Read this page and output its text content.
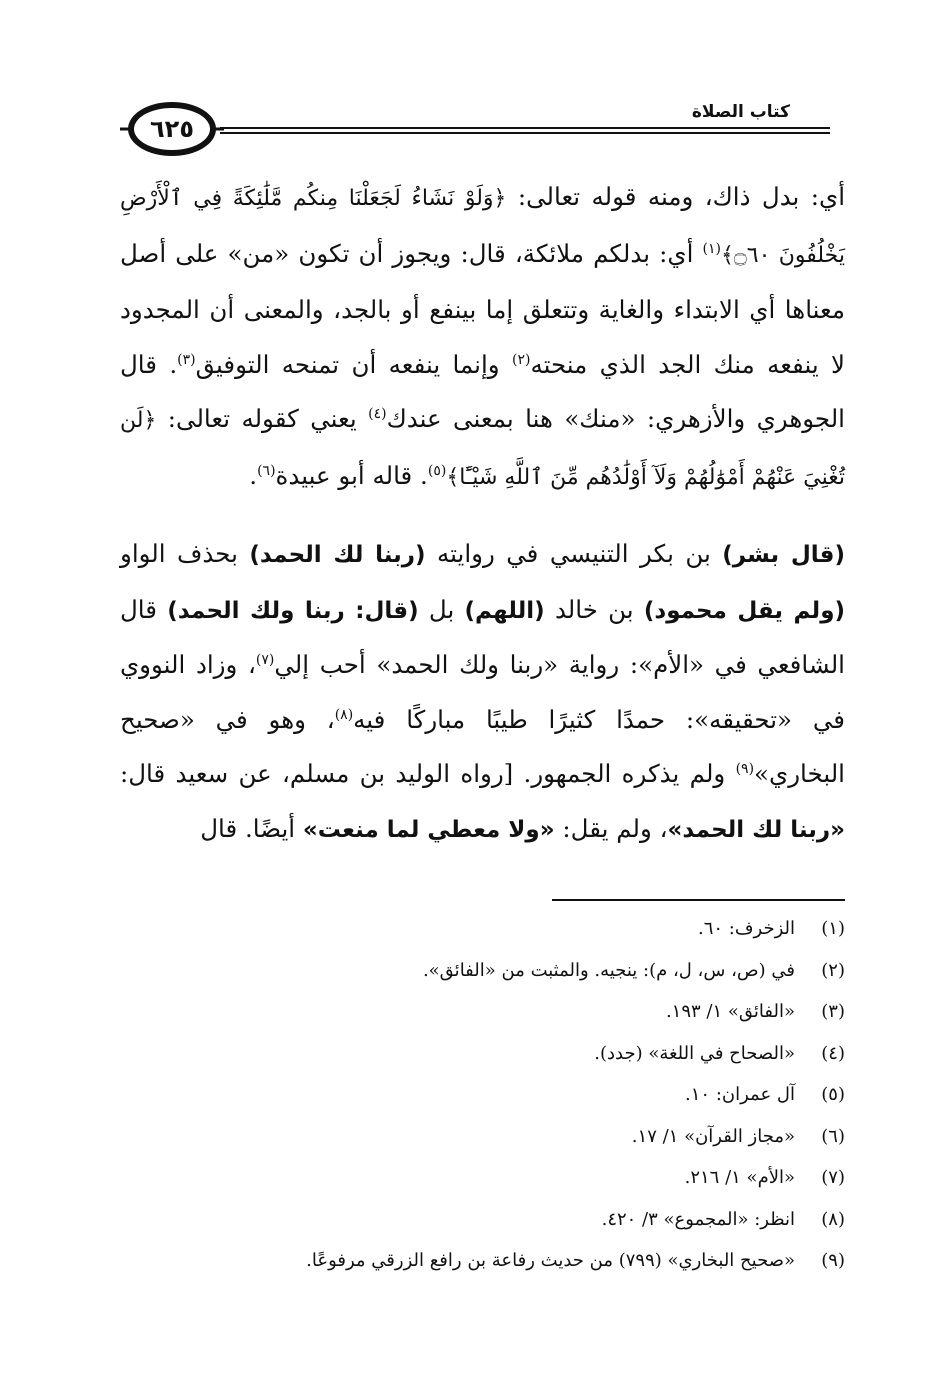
كتاب الصلاة
٦٢٥

أي: بدل ذاك، ومنه قوله تعالى: ﴿وَلَوْ نَشَاءُ لَجَعَلْنَا مِنكُم مَّلَٰئِكَةً فِي ٱلْأَرْضِ يَخْلُفُونَ ۝٦٠﴾$^{(١)}$ أي: بدلكم ملائكة، قال: ويجوز أن تكون «من» على أصل معناها أي الابتداء والغاية وتتعلق إما بينفع أو بالجد، والمعنى أن المجدود لا ينفعه منك الجد الذي منحته$^{(٢)}$ وإنما ينفعه أن تمنحه التوفيق$^{(٣)}$. قال الجوهري والأزهري: «منك» هنا بمعنى عندك$^{(٤)}$ يعني كقوله تعالى: ﴿لَن تُغْنِيَ عَنْهُمْ أَمْوَٰلُهُمْ وَلَآ أَوْلَٰدُهُم مِّنَ ٱللَّهِ شَيْـًٔا﴾$^{(٥)}$. قاله أبو عبيدة$^{(٦)}$.

(قال بشر) بن بكر التنيسي في روايته (ربنا لك الحمد) بحذف الواو (ولم يقل محمود) بن خالد (اللهم) بل (قال: ربنا ولك الحمد) قال الشافعي في «الأم»: رواية «ربنا ولك الحمد» أحب إلي$^{(٧)}$، وزاد النووي في «تحقيقه»: حمدًا كثيرًا طيبًا مباركًا فيه$^{(٨)}$، وهو في «صحيح البخاري»$^{(٩)}$ ولم يذكره الجمهور. [رواه الوليد بن مسلم، عن سعيد قال: «ربنا لك الحمد»، ولم يقل: «ولا معطي لما منعت» أيضًا. قال

(١)
الزخرف: ٦٠.
(٢)
في (ص، س، ل، م): ينجيه. والمثبت من «الفائق».
(٣)
«الفائق» ١/ ١٩٣.
(٤)
«الصحاح في اللغة» (جدد).
(٥)
آل عمران: ١٠.
(٦)
«مجاز القرآن» ١/ ١٧.
(٧)
«الأم» ١/ ٢١٦.
(٨)
انظر: «المجموع» ٣/ ٤٢٠.
(٩)
«صحيح البخاري» (٧٩٩) من حديث رفاعة بن رافع الزرقي مرفوعًا.
